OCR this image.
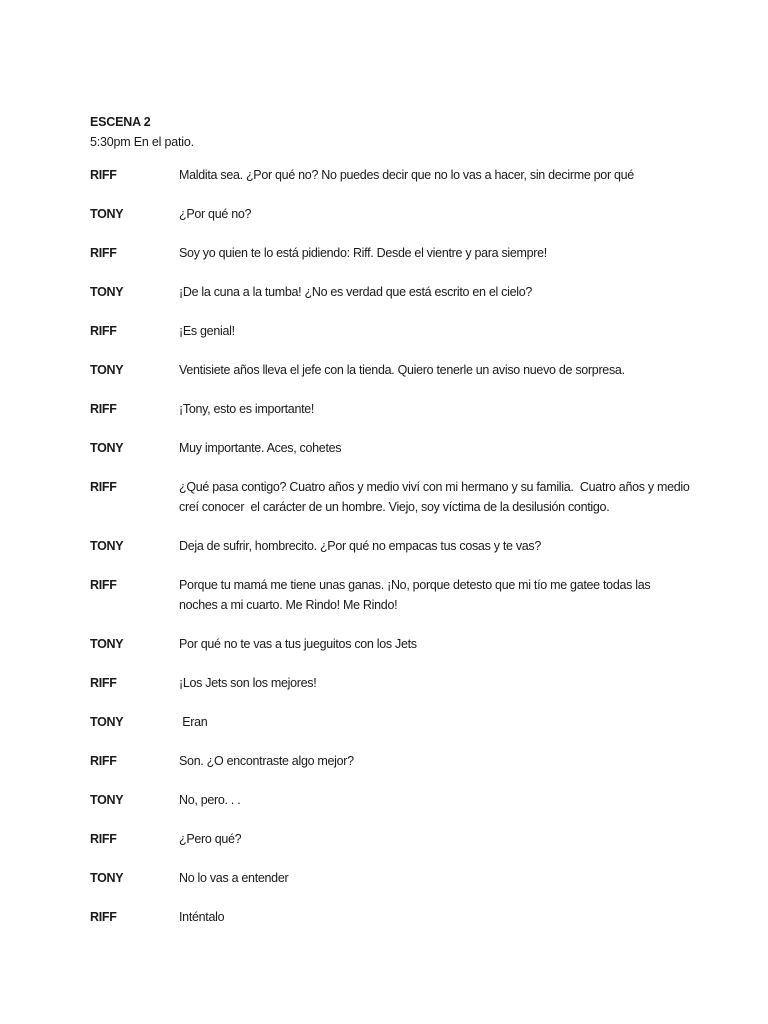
ESCENA 2
5:30pm En el patio.
RIFF	Maldita sea. ¿Por qué no? No puedes decir que no lo vas a hacer, sin decirme por qué
TONY	¿Por qué no?
RIFF	Soy yo quien te lo está pidiendo: Riff. Desde el vientre y para siempre!
TONY	¡De la cuna a la tumba! ¿No es verdad que está escrito en el cielo?
RIFF	¡Es genial!
TONY	Ventisiete años lleva el jefe con la tienda. Quiero tenerle un aviso nuevo de sorpresa.
RIFF	¡Tony, esto es importante!
TONY	Muy importante. Aces, cohetes
RIFF	¿Qué pasa contigo? Cuatro años y medio viví con mi hermano y su familia.  Cuatro años y medio creí conocer  el carácter de un hombre. Viejo, soy víctima de la desilusión contigo.
TONY	Deja de sufrir, hombrecito. ¿Por qué no empacas tus cosas y te vas?
RIFF	Porque tu mamá me tiene unas ganas. ¡No, porque detesto que mi tío me gatee todas las noches a mi cuarto. Me Rindo! Me Rindo!
TONY	Por qué no te vas a tus jueguitos con los Jets
RIFF	¡Los Jets son los mejores!
TONY	Eran
RIFF	Son. ¿O encontraste algo mejor?
TONY	No, pero. . .
RIFF	¿Pero qué?
TONY	No lo vas a entender
RIFF	Inténtalo
